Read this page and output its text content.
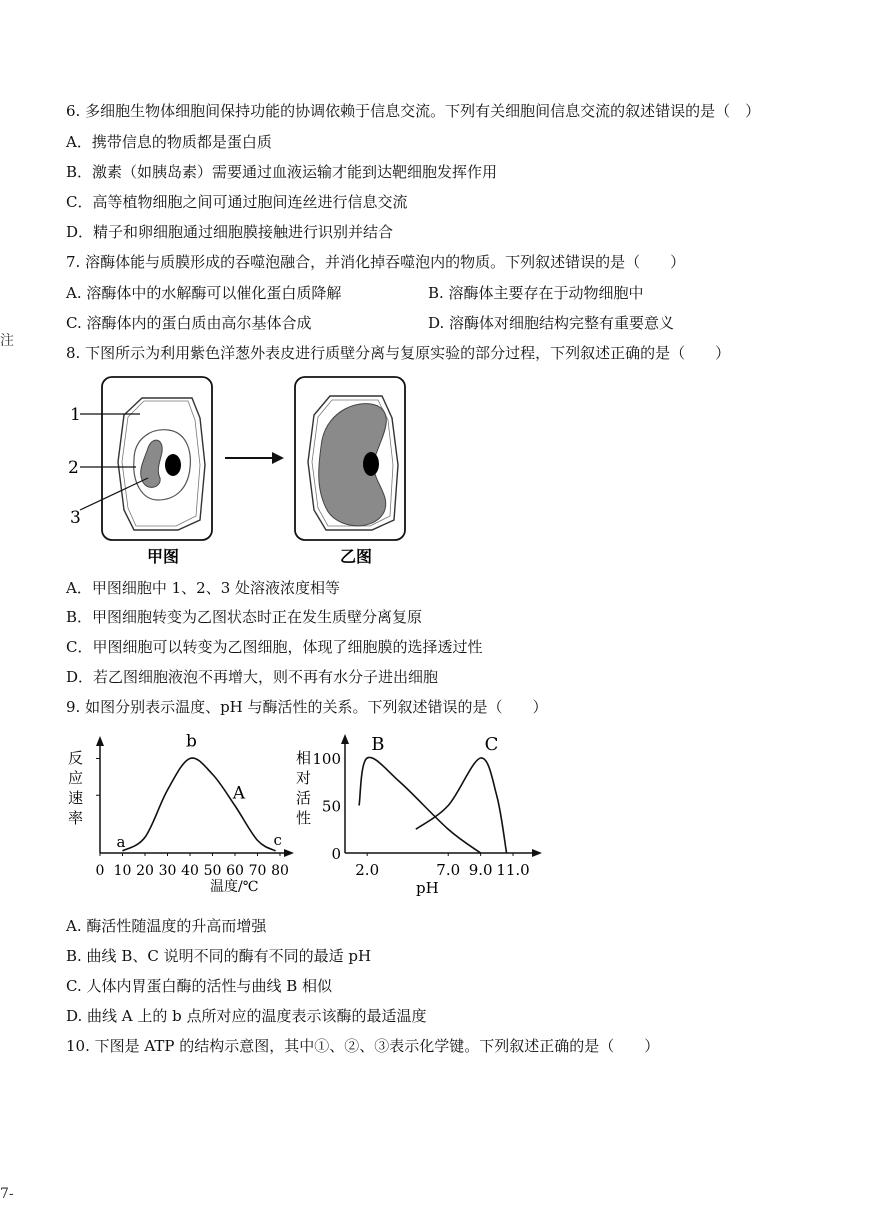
注
7-
6. 多细胞生物体细胞间保持功能的协调依赖于信息交流。下列有关细胞间信息交流的叙述错误的是（　）
A．携带信息的物质都是蛋白质
B．激素（如胰岛素）需要通过血液运输才能到达靶细胞发挥作用
C．高等植物细胞之间可通过胞间连丝进行信息交流
D．精子和卵细胞通过细胞膜接触进行识别并结合
7. 溶酶体能与质膜形成的吞噬泡融合，并消化掉吞噬泡内的物质。下列叙述错误的是（　　）
A. 溶酶体中的水解酶可以催化蛋白质降解	B. 溶酶体主要存在于动物细胞中
C. 溶酶体内的蛋白质由高尔基体合成	D. 溶酶体对细胞结构完整有重要意义
8. 下图所示为利用紫色洋葱外表皮进行质壁分离与复原实验的部分过程，下列叙述正确的是（　　）
1
2
3
甲图	乙图
A．甲图细胞中 1、2、3 处溶液浓度相等
B．甲图细胞转变为乙图状态时正在发生质壁分离复原
C．甲图细胞可以转变为乙图细胞，体现了细胞膜的选择透过性
D．若乙图细胞液泡不再增大，则不再有水分子进出细胞
9. 如图分别表示温度、pH 与酶活性的关系。下列叙述错误的是（　　）
反
应
速
率
温度/℃
0 10 20 30 40 50 60 70 80
a
b
c
A
相
对
活
性
pH
0
50
100
2.0	7.0 9.0 11.0
B	C
A. 酶活性随温度的升高而增强
B. 曲线 B、C 说明不同的酶有不同的最适 pH
C. 人体内胃蛋白酶的活性与曲线 B 相似
D. 曲线 A 上的 b 点所对应的温度表示该酶的最适温度
10. 下图是 ATP 的结构示意图，其中①、②、③表示化学键。下列叙述正确的是（　　）
